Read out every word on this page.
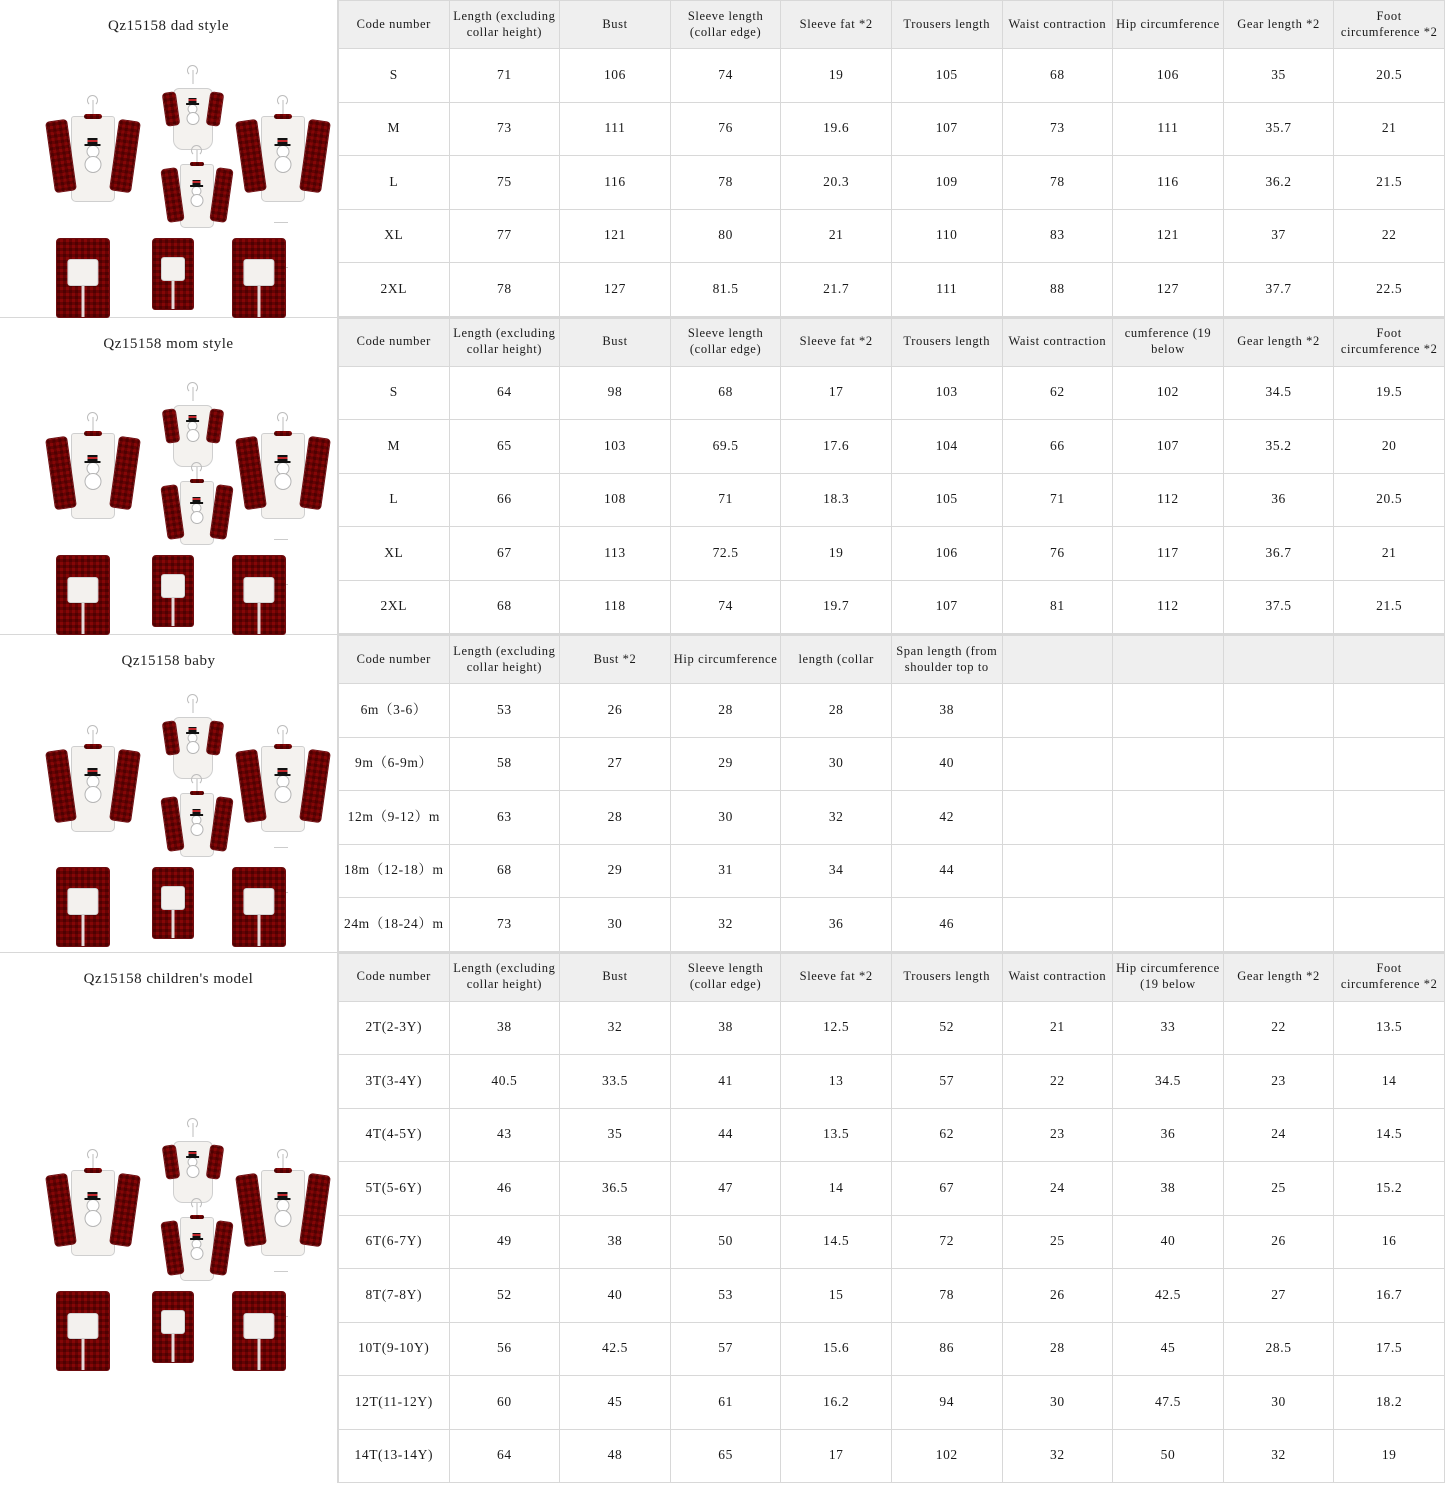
Qz15158 dad style	Code number	Length (excluding collar height)	Bust	Sleeve length (collar edge)	Sleeve fat *2	Trousers length	Waist contraction	Hip circumference	Gear length *2	Foot circumference *2
S	71	106	74	19	105	68	106	35	20.5
M	73	111	76	19.6	107	73	111	35.7	21
L	75	116	78	20.3	109	78	116	36.2	21.5
XL	77	121	80	21	110	83	121	37	22
2XL	78	127	81.5	21.7	111	88	127	37.7	22.5
Qz15158 mom style	Code number	Length (excluding collar height)	Bust	Sleeve length (collar edge)	Sleeve fat *2	Trousers length	Waist contraction	cumference (19 below	Gear length *2	Foot circumference *2
S	64	98	68	17	103	62	102	34.5	19.5
M	65	103	69.5	17.6	104	66	107	35.2	20
L	66	108	71	18.3	105	71	112	36	20.5
XL	67	113	72.5	19	106	76	117	36.7	21
2XL	68	118	74	19.7	107	81	112	37.5	21.5
Qz15158 baby	Code number	Length (excluding collar height)	Bust *2	Hip circumference	length (collar	Span length (from shoulder top to				
6m（3-6）	53	26	28	28	38				
9m（6-9m）	58	27	29	30	40				
12m（9-12）m	63	28	30	32	42				
18m（12-18）m	68	29	31	34	44				
24m（18-24）m	73	30	32	36	46				
Qz15158 children's model	Code number	Length (excluding collar height)	Bust	Sleeve length (collar edge)	Sleeve fat *2	Trousers length	Waist contraction	Hip circumference (19 below	Gear length *2	Foot circumference *2
2T(2-3Y)	38	32	38	12.5	52	21	33	22	13.5
3T(3-4Y)	40.5	33.5	41	13	57	22	34.5	23	14
4T(4-5Y)	43	35	44	13.5	62	23	36	24	14.5
5T(5-6Y)	46	36.5	47	14	67	24	38	25	15.2
6T(6-7Y)	49	38	50	14.5	72	25	40	26	16
8T(7-8Y)	52	40	53	15	78	26	42.5	27	16.7
10T(9-10Y)	56	42.5	57	15.6	86	28	45	28.5	17.5
12T(11-12Y)	60	45	61	16.2	94	30	47.5	30	18.2
14T(13-14Y)	64	48	65	17	102	32	50	32	19
